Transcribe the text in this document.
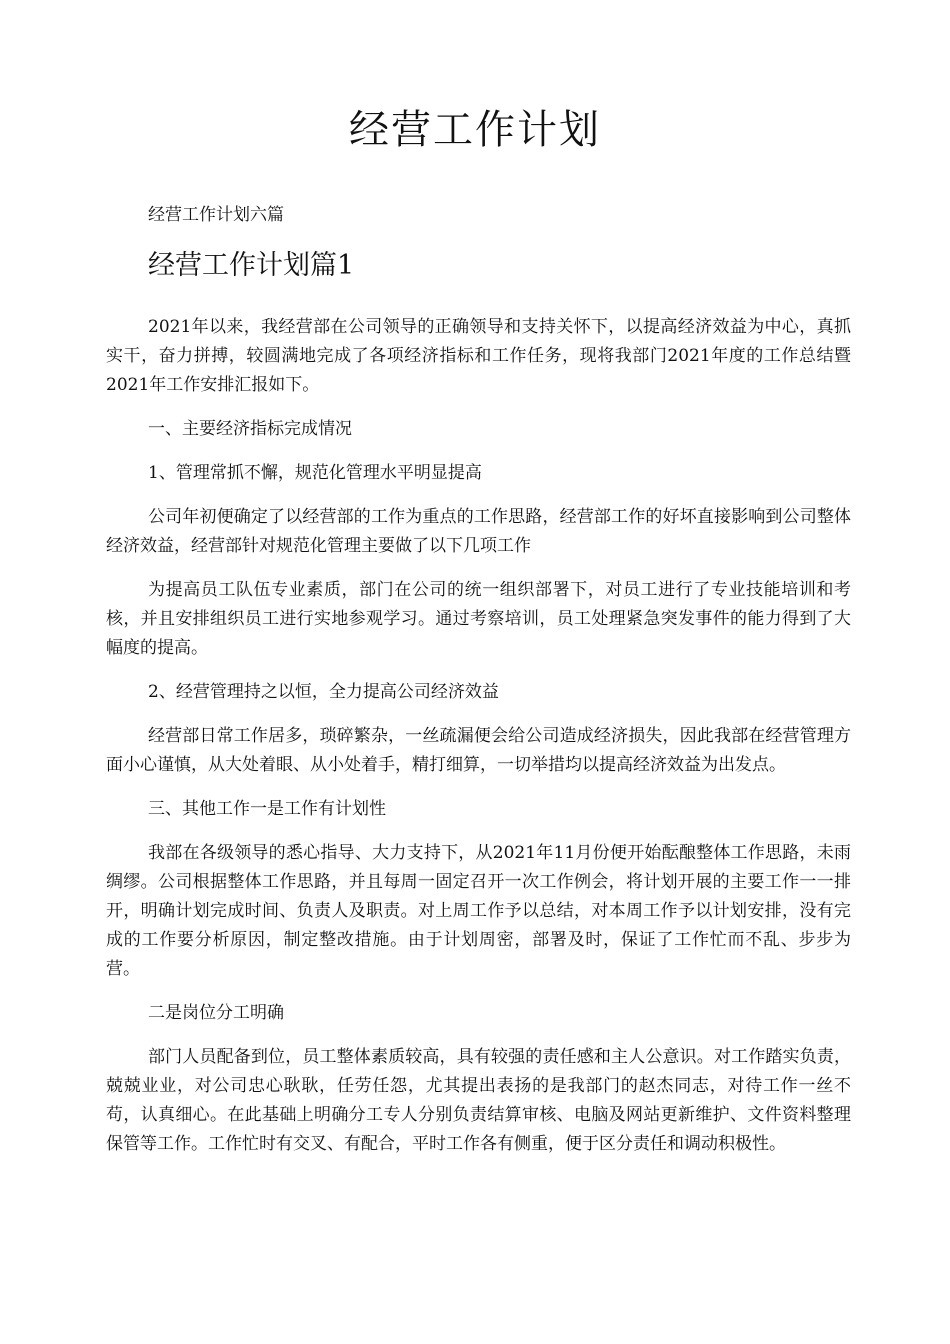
经营工作计划

经营工作计划六篇

经营工作计划篇1

2021年以来，我经营部在公司领导的正确领导和支持关怀下，以提高经济效益为中心，真抓实干，奋力拼搏，较圆满地完成了各项经济指标和工作任务，现将我部门2021年度的工作总结暨2021年工作安排汇报如下。

一、主要经济指标完成情况

1、管理常抓不懈，规范化管理水平明显提高

公司年初便确定了以经营部的工作为重点的工作思路，经营部工作的好坏直接影响到公司整体经济效益，经营部针对规范化管理主要做了以下几项工作

为提高员工队伍专业素质，部门在公司的统一组织部署下，对员工进行了专业技能培训和考核，并且安排组织员工进行实地参观学习。通过考察培训，员工处理紧急突发事件的能力得到了大幅度的提高。

2、经营管理持之以恒，全力提高公司经济效益

经营部日常工作居多，琐碎繁杂，一丝疏漏便会给公司造成经济损失，因此我部在经营管理方面小心谨慎，从大处着眼、从小处着手，精打细算，一切举措均以提高经济效益为出发点。

三、其他工作一是工作有计划性

我部在各级领导的悉心指导、大力支持下，从2021年11月份便开始酝酿整体工作思路，未雨绸缪。公司根据整体工作思路，并且每周一固定召开一次工作例会，将计划开展的主要工作一一排开，明确计划完成时间、负责人及职责。对上周工作予以总结，对本周工作予以计划安排，没有完成的工作要分析原因，制定整改措施。由于计划周密，部署及时，保证了工作忙而不乱、步步为营。

二是岗位分工明确

部门人员配备到位，员工整体素质较高，具有较强的责任感和主人公意识。对工作踏实负责，兢兢业业，对公司忠心耿耿，任劳任怨，尤其提出表扬的是我部门的赵杰同志，对待工作一丝不苟，认真细心。在此基础上明确分工专人分别负责结算审核、电脑及网站更新维护、文件资料整理保管等工作。工作忙时有交叉、有配合，平时工作各有侧重，便于区分责任和调动积极性。
